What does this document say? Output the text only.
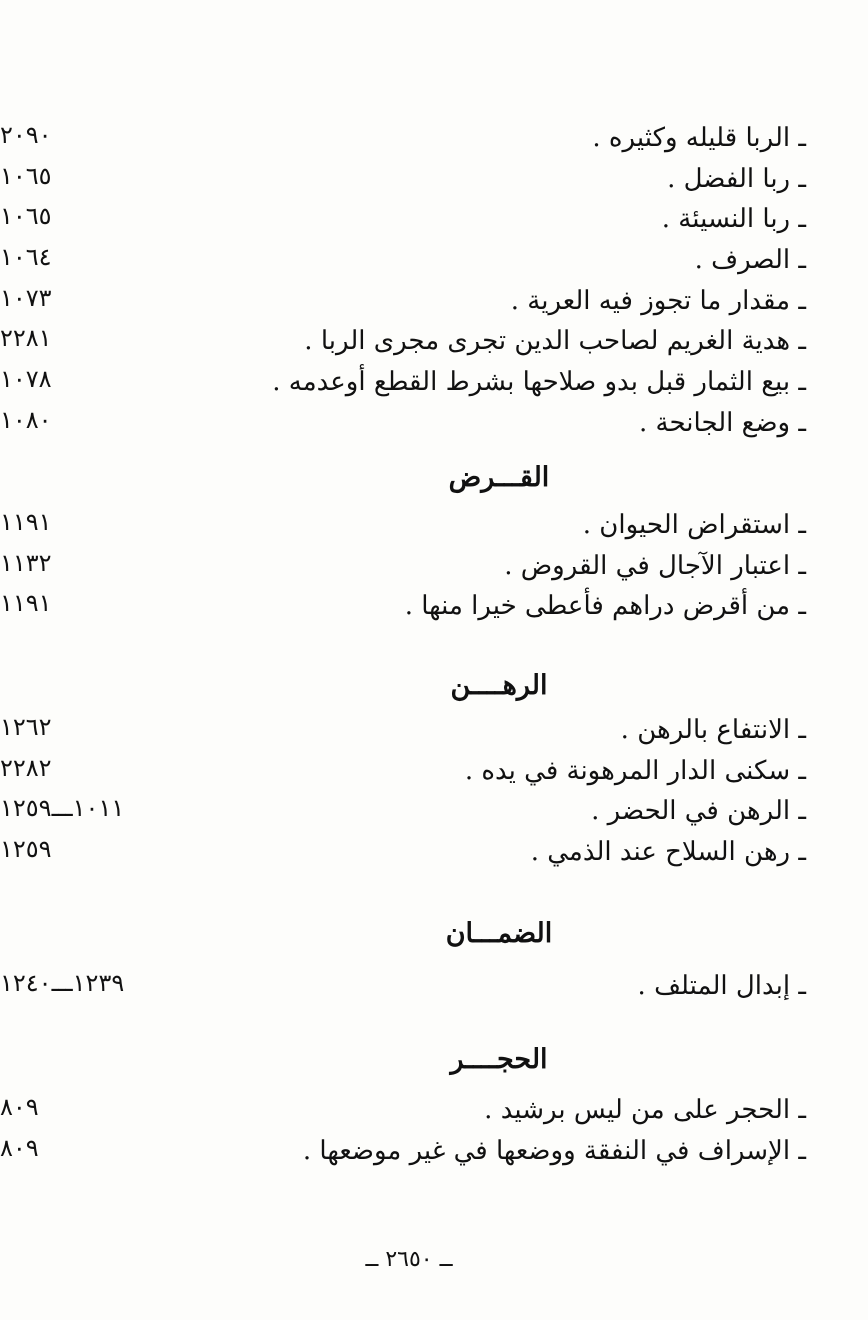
ـ الربا قليله وكثيره .
٢٠٩٠
ـ ربا الفضل .
١٠٦٥
ـ ربا النسيئة .
١٠٦٥
ـ الصرف .
١٠٦٤
ـ مقدار ما تجوز فيه العرية .
١٠٧٣
ـ هدية الغريم لصاحب الدين تجرى مجرى الربا .
٢٢٨١
ـ بيع الثمار قبل بدو صلاحها بشرط القطع أوعدمه .
١٠٧٨
ـ وضع الجانحة .
١٠٨٠
القـــرض
ـ استقراض الحيوان .
١١٩١
ـ اعتبار الآجال في القروض .
١١٣٢
ـ من أقرض دراهم فأعطى خيرا منها .
١١٩١
الرهــــن
ـ الانتفاع بالرهن .
١٢٦٢
ـ سكنى الدار المرهونة في يده .
٢٢٨٢
ـ الرهن في الحضر .
١٠١١ـــ١٢٥٩
ـ رهن السلاح عند الذمي .
١٢٥٩
الضمـــان
ـ إبدال المتلف .
١٢٣٩ـــ١٢٤٠
الحجــــر
ـ الحجر على من ليس برشيد .
٨٠٩
ـ الإسراف في النفقة ووضعها في غير موضعها .
٨٠٩
ــ ٢٦٥٠ ــ
